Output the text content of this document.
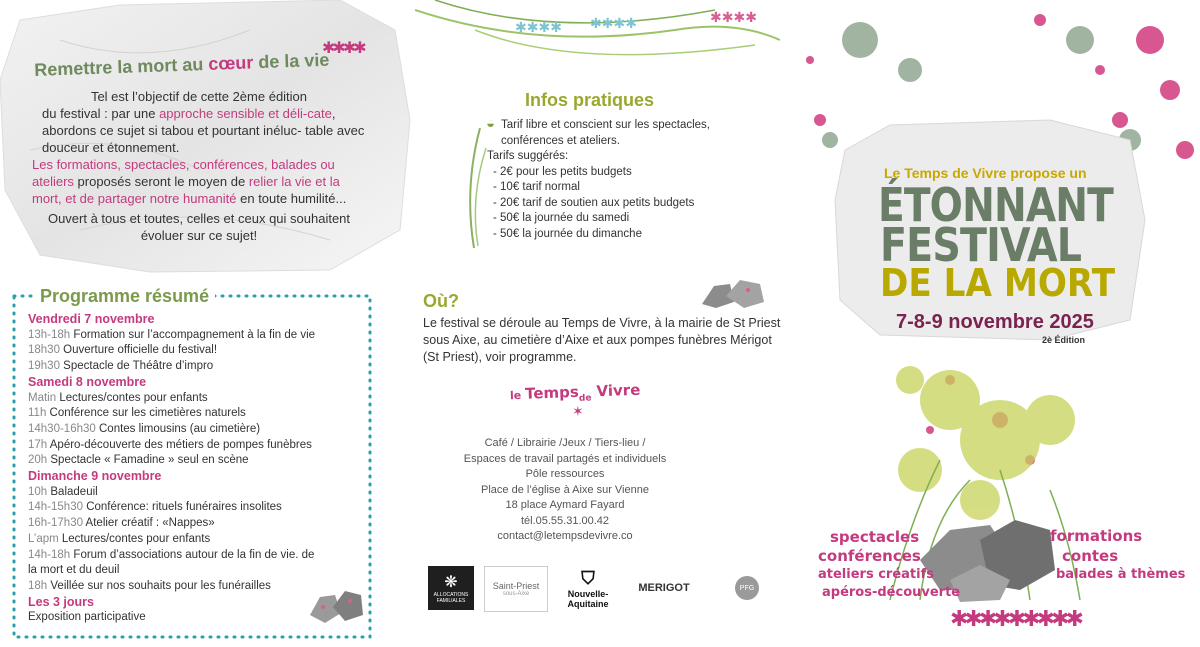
✱✱✱✱
Remettre la mort au cœur de la vie

Tel est l’objectif de cette 2ème édition

du festival : par une approche sensible et déli-cate, abordons ce sujet si tabou et pourtant inéluc- table avec douceur et étonnement.

Les formations, spectacles, conférences, balades ou ateliers proposés seront le moyen de relier la vie et la mort, et de partager notre humanité en toute humilité...

Ouvert à tous et toutes, celles et ceux qui souhaitent évoluer sur ce sujet!

Programme résumé
Vendredi 7 novembre
13h-18h Formation sur l’accompagnement à la fin de vie
18h30 Ouverture officielle du festival!
19h30 Spectacle de Théâtre d’impro
Samedi 8 novembre
Matin Lectures/contes pour enfants
11h Conférence sur les cimetières naturels
14h30-16h30 Contes limousins (au cimetière)
17h Apéro-découverte des métiers de pompes funèbres
20h Spectacle « Famadine » seul en scène
Dimanche 9 novembre
10h Baladeuil
14h-15h30 Conférence: rituels funéraires insolites
16h-17h30 Atelier créatif : «Nappes»
L’apm Lectures/contes pour enfants
14h-18h Forum d’associations autour de la fin de vie. de la mort et du deuil
18h Veillée sur nos souhaits pour les funérailles
Les 3 jours
Exposition participative
✱✱✱✱ ✱✱✱✱	✱✱✱✱
Infos pratiques
◒ Tarif libre et conscient sur les spectacles, conférences et ateliers.
Tarifs suggérés:
- 2€ pour les petits budgets
- 10€ tarif normal
- 20€ tarif de soutien aux petits budgets
- 50€ la journée du samedi
- 50€ la journée du dimanche
Où?
Le festival se déroule au Temps de Vivre, à la mairie de St Priest sous Aixe, au cimetière d’Aixe et aux pompes funèbres Mérigot (St Priest), voir programme.
le Temps$_{de}$ Vivre
✶
Café / Librairie /Jeux / Tiers-lieu /
Espaces de travail partagés et individuels
Pôle ressources
Place de l’église à Aixe sur Vienne
18 place Aymard Fayard
tél.05.55.31.00.42
contact@letempsdevivre.co
❋
ALLOCATIONS FAMILIALES
Saint-Priest
sous-Aixe
⛉
Nouvelle-
Aquitaine
MERIGOT	PFG
Le Temps de Vivre propose un
ÉTONNANT
FESTIVAL
DE LA MORT
7-8-9 novembre 2025
2è Édition
spectacles
conférences
ateliers créatifs
apéros-découverte
formations
contes
balades à thèmes
✱✱✱✱✱✱✱✱✱
